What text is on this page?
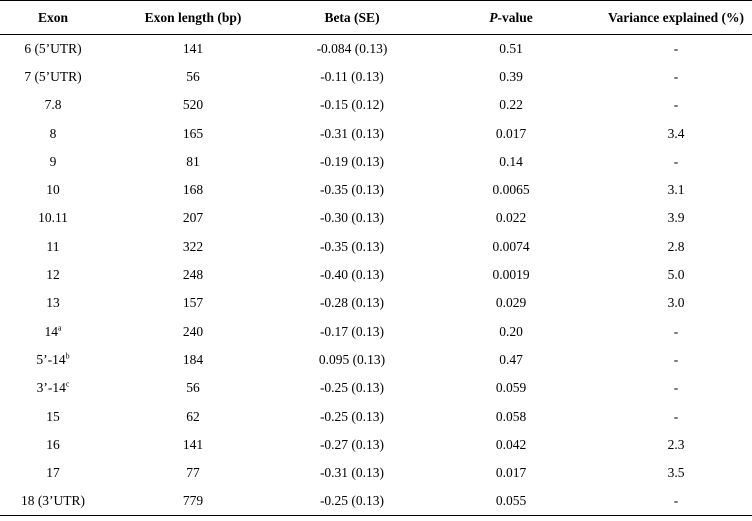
Exon	Exon length (bp)	Beta (SE)	P-value	Variance explained (%)
6 (5’UTR)	141	-0.084 (0.13)	0.51	-
7 (5’UTR)	56	-0.11 (0.13)	0.39	-
7.8	520	-0.15 (0.12)	0.22	-
8	165	-0.31 (0.13)	0.017	3.4
9	81	-0.19 (0.13)	0.14	-
10	168	-0.35 (0.13)	0.0065	3.1
10.11	207	-0.30 (0.13)	0.022	3.9
11	322	-0.35 (0.13)	0.0074	2.8
12	248	-0.40 (0.13)	0.0019	5.0
13	157	-0.28 (0.13)	0.029	3.0
14$^a$	240	-0.17 (0.13)	0.20	-
5’-14$^b$	184	0.095 (0.13)	0.47	-
3’-14$^c$	56	-0.25 (0.13)	0.059	-
15	62	-0.25 (0.13)	0.058	-
16	141	-0.27 (0.13)	0.042	2.3
17	77	-0.31 (0.13)	0.017	3.5
18 (3’UTR)	779	-0.25 (0.13)	0.055	-
